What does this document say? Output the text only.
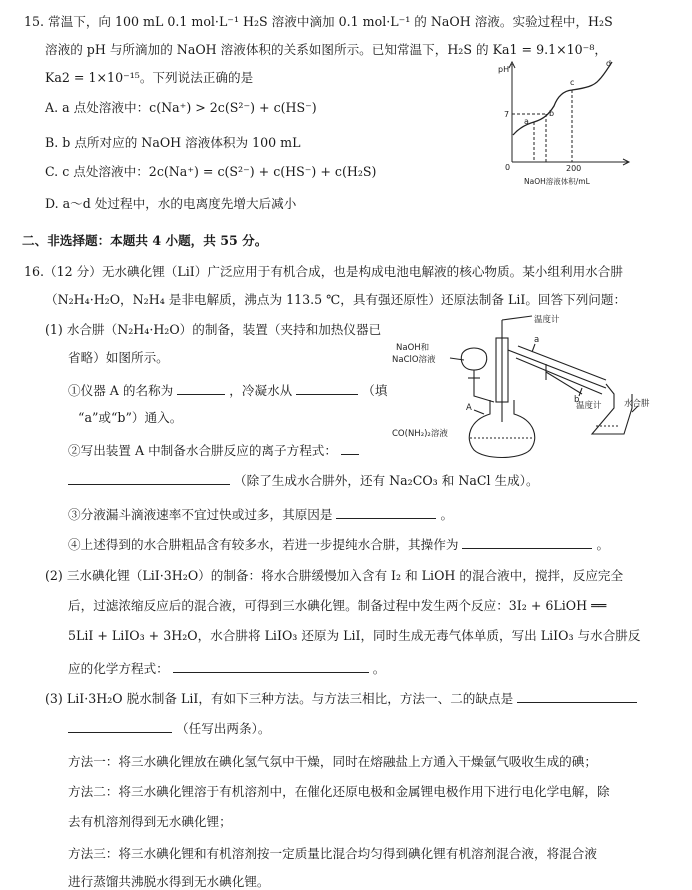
15. 常温下，向 100 mL 0.1 mol·L⁻¹ H₂S 溶液中滴加 0.1 mol·L⁻¹ 的 NaOH 溶液。实验过程中，H₂S
溶液的 pH 与所滴加的 NaOH 溶液体积的关系如图所示。已知常温下，H₂S 的 Ka1 = 9.1×10⁻⁸，
Ka2 = 1×10⁻¹⁵。下列说法正确的是
A. a 点处溶液中：c(Na⁺) > 2c(S²⁻) + c(HS⁻)
B. b 点所对应的 NaOH 溶液体积为 100 mL
C. c 点处溶液中：2c(Na⁺) = c(S²⁻) + c(HS⁻) + c(H₂S)
D. a～d 处过程中，水的电离度先增大后减小
pH
7
0	200
NaOH溶液体积/mL
a
b
c
d
二、非选择题：本题共 4 小题，共 55 分。
16.（12 分）无水碘化锂（LiI）广泛应用于有机合成，也是构成电池电解液的核心物质。某小组利用水合肼
（N₂H₄·H₂O，N₂H₄ 是非电解质，沸点为 113.5 ℃，具有强还原性）还原法制备 LiI。回答下列问题：
(1) 水合肼（N₂H₄·H₂O）的制备，装置（夹持和加热仪器已
省略）如图所示。
①仪器 A 的名称为	，冷凝水从	（填
“a”或“b”）通入。
②写出装置 A 中制备水合肼反应的离子方程式：
（除了生成水合肼外，还有 Na₂CO₃ 和 NaCl 生成）。
③分液漏斗滴液速率不宜过快或过多，其原因是	。
④上述得到的水合肼粗品含有较多水，若进一步提纯水合肼，其操作为	。
(2) 三水碘化锂（LiI·3H₂O）的制备：将水合肼缓慢加入含有 I₂ 和 LiOH 的混合液中，搅拌，反应完全
后，过滤浓缩反应后的混合液，可得到三水碘化锂。制备过程中发生两个反应：3I₂ + 6LiOH ══
5LiI + LiIO₃ + 3H₂O，水合肼将 LiIO₃ 还原为 LiI，同时生成无毒气体单质，写出 LiIO₃ 与水合肼反
应的化学方程式：	。
(3) LiI·3H₂O 脱水制备 LiI，有如下三种方法。与方法三相比，方法一、二的缺点是
（任写出两条）。
方法一：将三水碘化锂放在碘化氢气氛中干燥，同时在熔融盐上方通入干燥氩气吸收生成的碘；
方法二：将三水碘化锂溶于有机溶剂中，在催化还原电极和金属锂电极作用下进行电化学电解，除
去有机溶剂得到无水碘化锂；
方法三：将三水碘化锂和有机溶剂按一定质量比混合均匀得到碘化锂有机溶剂混合液，将混合液
进行蒸馏共沸脱水得到无水碘化锂。
温度计
NaOH和
NaClO溶液
a
b
温度计
A
CO(NH₂)₂溶液
水合肼
